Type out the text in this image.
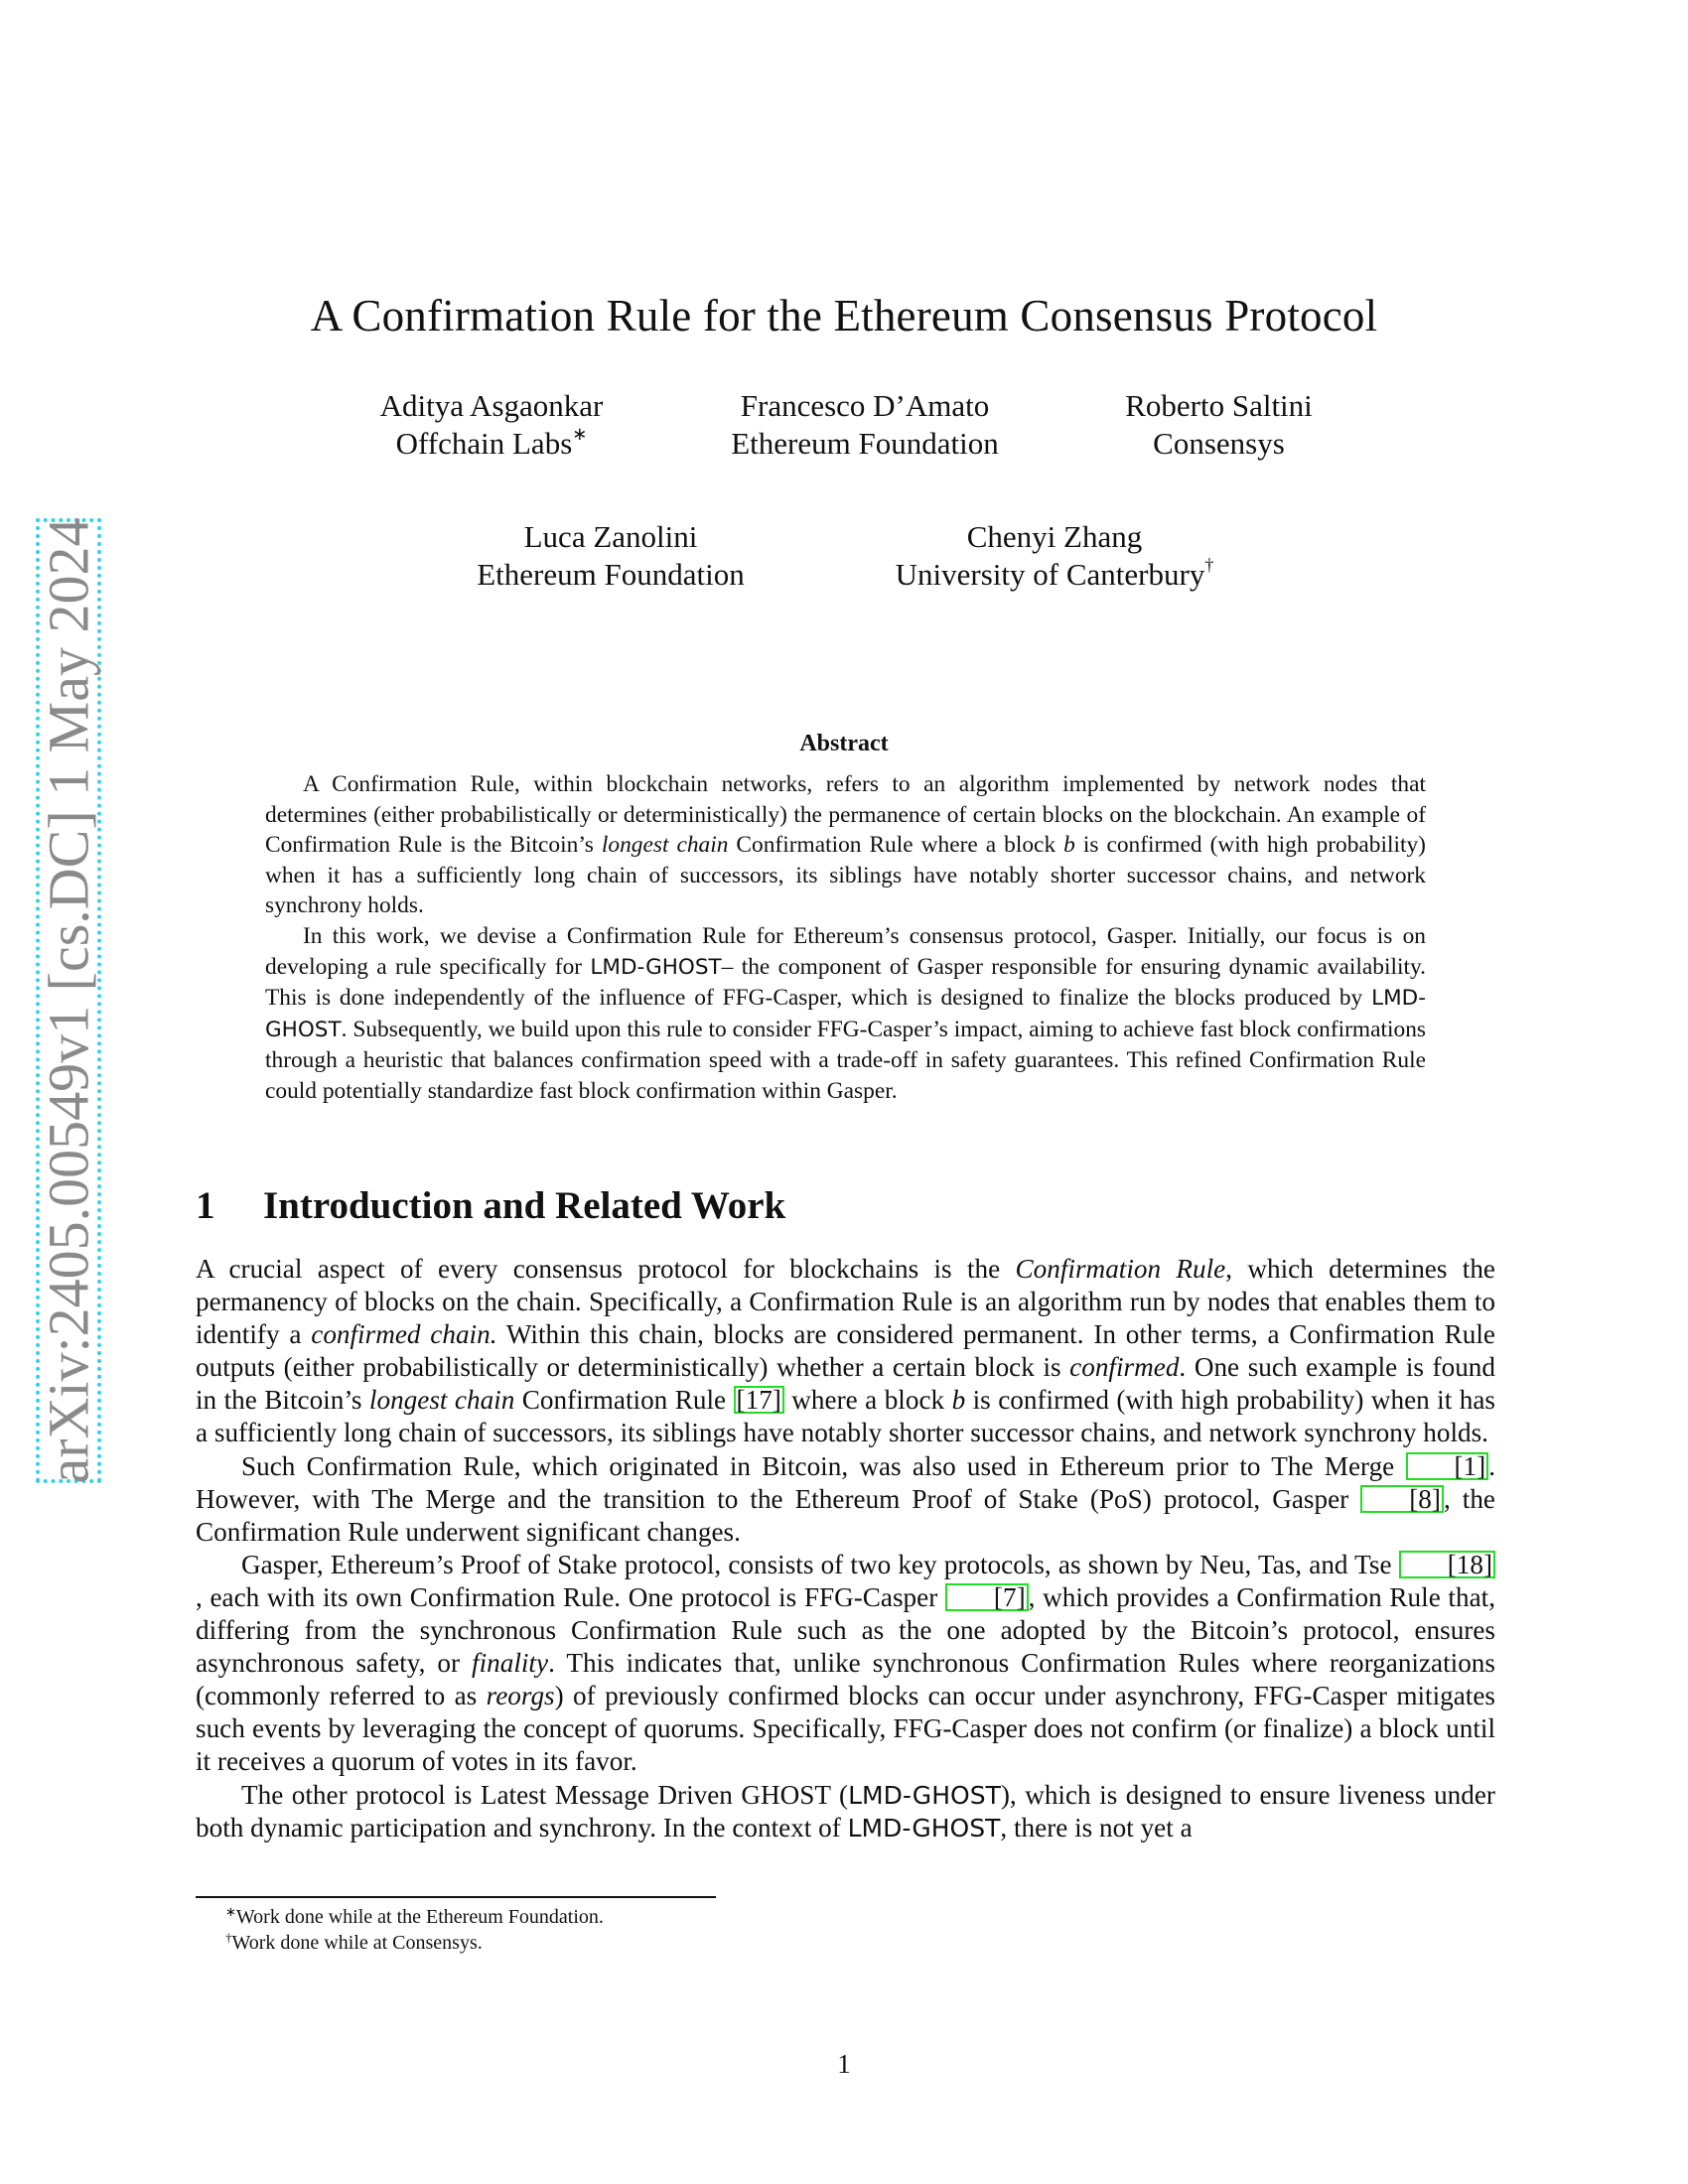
arXiv:2405.00549v1 [cs.DC] 1 May 2024
A Confirmation Rule for the Ethereum Consensus Protocol
Aditya Asgaonkar
Offchain Labs∗
Francesco D’Amato
Ethereum Foundation
Roberto Saltini
Consensys
Luca Zanolini
Ethereum Foundation
Chenyi Zhang
University of Canterbury†
Abstract

A Confirmation Rule, within blockchain networks, refers to an algorithm implemented by network nodes that determines (either probabilistically or deterministically) the permanence of certain blocks on the blockchain. An example of Confirmation Rule is the Bitcoin’s longest chain Confirmation Rule where a block b is confirmed (with high probability) when it has a sufficiently long chain of successors, its siblings have notably shorter successor chains, and network synchrony holds.

In this work, we devise a Confirmation Rule for Ethereum’s consensus protocol, Gasper. Initially, our focus is on developing a rule specifically for LMD-GHOST– the component of Gasper responsible for ensuring dynamic availability. This is done independently of the influence of FFG-Casper, which is designed to finalize the blocks produced by LMD-GHOST. Subsequently, we build upon this rule to consider FFG-Casper’s impact, aiming to achieve fast block confirmations through a heuristic that balances confirmation speed with a trade-off in safety guarantees. This refined Confirmation Rule could potentially standardize fast block confirmation within Gasper.

1 Introduction and Related Work

A crucial aspect of every consensus protocol for blockchains is the Confirmation Rule, which determines the permanency of blocks on the chain. Specifically, a Confirmation Rule is an algorithm run by nodes that enables them to identify a confirmed chain. Within this chain, blocks are considered permanent. In other terms, a Confirmation Rule outputs (either probabilistically or deterministically) whether a certain block is confirmed. One such example is found in the Bitcoin’s longest chain Confirmation Rule [17] where a block b is confirmed (with high probability) when it has a sufficiently long chain of successors, its siblings have notably shorter successor chains, and network synchrony holds.

Such Confirmation Rule, which originated in Bitcoin, was also used in Ethereum prior to The Merge [1] . However, with The Merge and the transition to the Ethereum Proof of Stake (PoS) protocol, Gasper [8] , the Confirmation Rule underwent significant changes.

Gasper, Ethereum’s Proof of Stake protocol, consists of two key protocols, as shown by Neu, Tas, and Tse [18], each with its own Confirmation Rule. One protocol is FFG-Casper [7] , which provides a Confirmation Rule that, differing from the synchronous Confirmation Rule such as the one adopted by the Bitcoin’s protocol, ensures asynchronous safety, or finality. This indicates that, unlike synchronous Confirmation Rules where reorganizations (commonly referred to as reorgs) of previously confirmed blocks can occur under asynchrony, FFG-Casper mitigates such events by leveraging the concept of quorums. Specifically, FFG-Casper does not confirm (or finalize) a block until it receives a quorum of votes in its favor.

The other protocol is Latest Message Driven GHOST (LMD-GHOST), which is designed to ensure liveness under both dynamic participation and synchrony. In the context of LMD-GHOST, there is not yet a

∗Work done while at the Ethereum Foundation.
†Work done while at Consensys.
1
